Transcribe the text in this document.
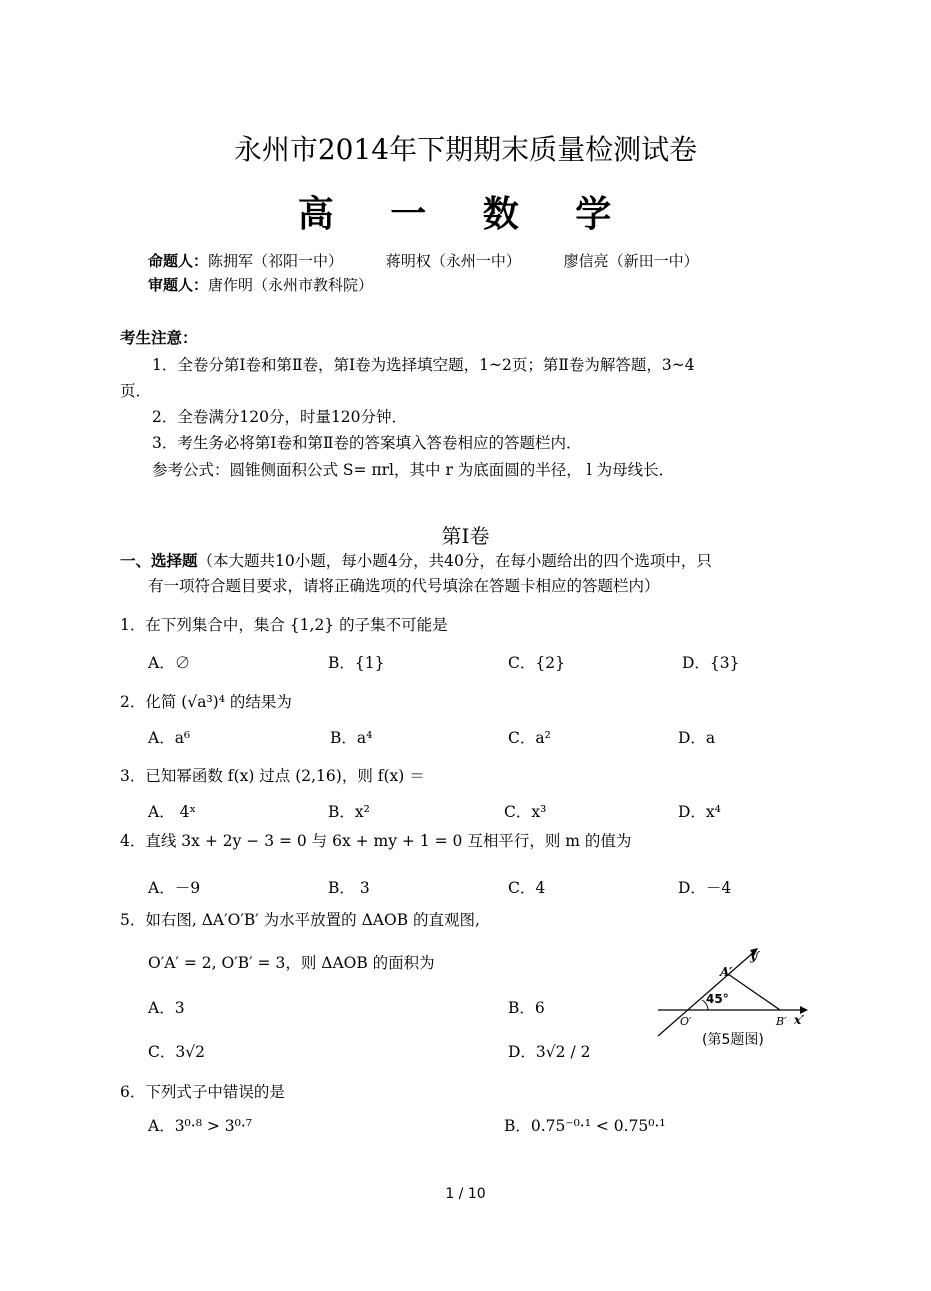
永州市2014年下期期末质量检测试卷
高 一 数 学
命题人：陈拥军（祁阳一中）	蒋明权（永州一中）	廖信亮（新田一中）
审题人：唐作明（永州市教科院）
考生注意：
1．全卷分第Ⅰ卷和第Ⅱ卷，第Ⅰ卷为选择填空题，1~2页；第Ⅱ卷为解答题，3~4
页．
2．全卷满分120分，时量120分钟．
3．考生务必将第Ⅰ卷和第Ⅱ卷的答案填入答卷相应的答题栏内．
参考公式：圆锥侧面积公式 S= πrl，其中 r 为底面圆的半径， l 为母线长．
第Ⅰ卷
一、选择题（本大题共10小题，每小题4分，共40分，在每小题给出的四个选项中，只
有一项符合题目要求，请将正确选项的代号填涂在答题卡相应的答题栏内）
1．在下列集合中，集合 {1,2} 的子集不可能是
A．∅	B．{1}	C．{2}	D．{3}
2．化简 (√a³)⁴ 的结果为
A．a⁶	B．a⁴	C．a²	D．a
3．已知幂函数 f(x) 过点 (2,16)，则 f(x) ＝
A． 4ˣ	B．x²	C．x³	D．x⁴
4．直线 3x + 2y − 3 = 0 与 6x + my + 1 = 0 互相平行，则 m 的值为
A．－9	B． 3	C．4	D．－4
5．如右图, ΔA′O′B′ 为水平放置的 ΔAOB 的直观图,
O′A′ = 2, O′B′ = 3，则 ΔAOB 的面积为
A．3	B．6
C．3√2	D．3√2 / 2
45°
A′
O′	B′ x′
y′
(第5题图)
6．下列式子中错误的是
A．3⁰·⁸ > 3⁰·⁷	B．0.75⁻⁰·¹ < 0.75⁰·¹
1 / 10
